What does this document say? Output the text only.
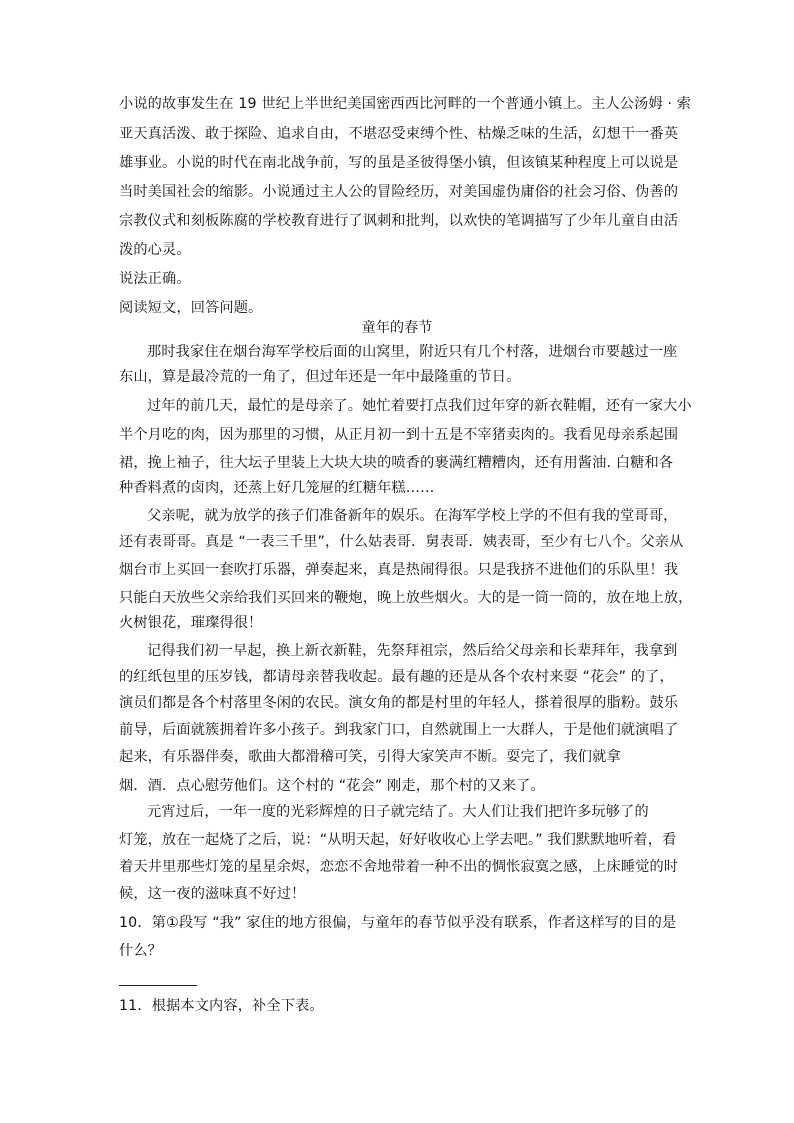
小说的故事发生在 19 世纪上半世纪美国密西西比河畔的一个普通小镇上。主人公汤姆 · 索
亚天真活泼、敢于探险、追求自由，不堪忍受束缚个性、枯燥乏味的生活，幻想干一番英
雄事业。小说的时代在南北战争前，写的虽是圣彼得堡小镇，但该镇某种程度上可以说是
当时美国社会的缩影。小说通过主人公的冒险经历，对美国虚伪庸俗的社会习俗、伪善的
宗教仪式和刻板陈腐的学校教育进行了讽刺和批判，以欢快的笔调描写了少年儿童自由活
泼的心灵。
说法正确。
阅读短文，回答问题。
童年的春节
那时我家住在烟台海军学校后面的山窝里，附近只有几个村落，进烟台市要越过一座
东山，算是最冷荒的一角了，但过年还是一年中最隆重的节日。
过年的前几天，最忙的是母亲了。她忙着要打点我们过年穿的新衣鞋帽，还有一家大小
半个月吃的肉，因为那里的习惯，从正月初一到十五是不宰猪卖肉的。我看见母亲系起围
裙，挽上袖子，往大坛子里装上大块大块的喷香的裹满红糟糟肉，还有用酱油. 白糖和各
种香料煮的卤肉，还蒸上好几笼屉的红糖年糕……
父亲呢，就为放学的孩子们准备新年的娱乐。在海军学校上学的不但有我的堂哥哥，
还有表哥哥。真是 “一表三千里”，什么姑表哥．舅表哥．姨表哥，至少有七八个。父亲从
烟台市上买回一套吹打乐器，弹奏起来，真是热闹得很。只是我挤不进他们的乐队里！我
只能白天放些父亲给我们买回来的鞭炮，晚上放些烟火。大的是一筒一筒的，放在地上放，
火树银花，璀璨得很！
记得我们初一早起，换上新衣新鞋，先祭拜祖宗，然后给父母亲和长辈拜年，我拿到
的红纸包里的压岁钱，都请母亲替我收起。最有趣的还是从各个农村来耍 “花会” 的了，
演员们都是各个村落里冬闲的农民。演女角的都是村里的年轻人，搽着很厚的脂粉。鼓乐
前导，后面就簇拥着许多小孩子。到我家门口，自然就围上一大群人，于是他们就演唱了
起来，有乐器伴奏，歌曲大都滑稽可笑，引得大家笑声不断。耍完了，我们就拿
烟．酒．点心慰劳他们。这个村的 “花会” 刚走，那个村的又来了。
元宵过后，一年一度的光彩辉煌的日子就完结了。大人们让我们把许多玩够了的
灯笼，放在一起烧了之后，说：“从明天起，好好收收心上学去吧。” 我们默默地听着，看
着天井里那些灯笼的星星余烬，恋恋不舍地带着一种不出的惆怅寂寞之感，上床睡觉的时
候，这一夜的滋味真不好过！
10．第①段写 “我” 家住的地方很偏，与童年的春节似乎没有联系，作者这样写的目的是
什么？
11．根据本文内容，补全下表。
